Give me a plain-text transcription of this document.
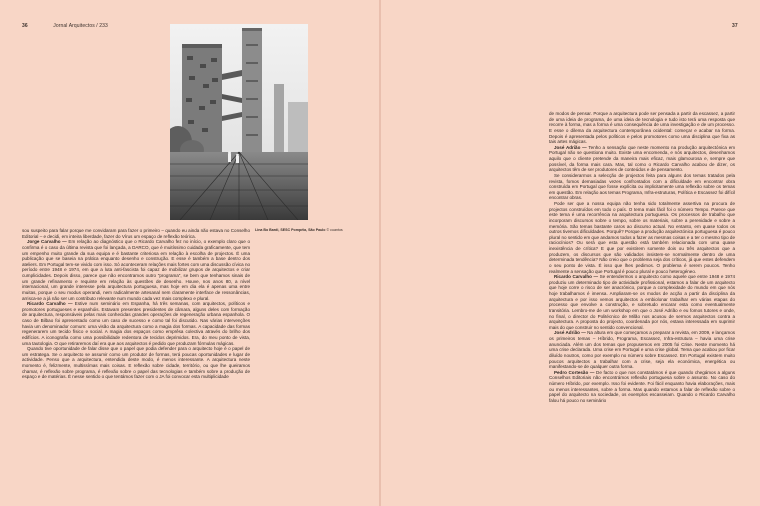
36	Jornal Arquitectos / 233
Lina Bo Bardi, SESC Pompéia, São Paulo © cuantos

sou suspeito para falar porque me convidaram para fazer o primeiro – quando eu ainda não estava no Conselho Editorial – e decidi, em inteira liberdade, fazer do Vírus um espaço de reflexão teórica.

Jorge Carvalho — Em relação ao diagnóstico que o Ricardo Carvalho fez no início, o exemplo claro que o confirma é o caso da última revista que foi lançada, a DARCO, que é muitíssimo cuidada graficamente, que tem um empenho muito grande da sua equipa e é bastante criteriosa em relação à escolha de projectos. É uma publicação que se baseia na prática enquanto desenho e construção. E esse é também a base dentro dos ateliers. Em Portugal tem-se vivido com isso. Só aconteceram relações mais fortes com uma discussão cívica no período entre 1948 e 1974, em que a luta anti-fascista foi capaz de mobilizar grupos de arquitectos e criar cumplicidades. Depois disso, parece que não encontramos outro "programa", se bem que tenhamos sinais de um grande refinamento e requinte em relação às questões de desenho. Houve, nos anos 80, a nível internacional, um grande interesse pela arquitectura portuguesa, mas hoje em dia ela é apenas uma entre muitas, porque o seu modus operandi, nem radicalmente artesanal nem claramente interface de ressonâncias, arrisca-se a já não ser um contributo relevante num mundo cada vez mais complexo e plural.

Ricardo Carvalho — Estive num seminário em Espanha, há três semanas, com arquitectos, políticos e promotores portugueses e espanhóis. Estavam presentes presidentes de câmara, alguns deles com formação de arquitectura, responsáveis pelas mais conhecidas grandes operações de regeneração urbana espanhola. O caso de Bilbao foi apresentado como um caso de sucesso e como tal foi discutido. Nas várias intervenções havia um denominador comum: uma visão da arquitectura como a magia dos formas. A capacidade das formas regenerarem um tecido físico e social. A magia dos espaços como emprêsa colectiva através do brilho dos edifícios. A iconografia como uma possibilidade redentora de tecidos deprimidos. Era, do meu ponto de vista, uma tautologia. O que retiraremos daí era que aos arquitectos é pedido que produzam fórmulas mágicas.

Quando tive oportunidade de falar disse que o papel que podia defender para o arquitecto hoje é o papel de um estratega. Se o arquitecto se assumir como um produtor de formas, terá poucas oportunidades e lugar de actividade. Penso que a arquitectura, entendida deste modo, é menos interessante. A arquitectura neste momento é, felizmente, multissímas mais coisas. E reflexão sobre cidade, território, ou que lhe queiramos chamar, é reflexão sobre programa, é reflexão sobre o papel das tecnologias e também sobre a produção de espaço e de matérias. É nesse sentido o que tentámos fazer com o JA foi convocar esta multiplicidade

37

de modos de pensar. Porque a arquitectura pode ser pensada a partir da escassez, a partir de uma ideia de programa, de uma ideia de tecnologia e tudo isto terá uma resposta que recorre à forma, mas a forma é uma consequência de uma investigação e de um processo. E esse o dilema da arquitectura contemporânea ocidental: começar e acabar na forma. Depois é apresentada pelos políticos e pelos promotores como uma disciplina que fixa as tais artes mágicas.

José Adrião — Tenho a sensação que neste momento na produção arquitectónica em Portugal não se questiona muito. Existe uma encomenda, e nós arquitectos, desenhamos aquilo que o cliente pretende da maneira mais eficaz, mais glamourosa e, sempre que possível, da forma mais cara. Mas, tal como o Ricardo Carvalho acabou de dizer, os arquitectos têm de ser produtores de conteúdos e de pensamento.

Se considerarmos a selecção de projectos feita para alguns dos temas tratados pela revista, fomos demasiadas vezes confrontados com a dificuldade em encontrar obra construída em Portugal que fosse explícita ou implicitamente uma reflexão sobre os temas em questão. Em relação aos temas Programa, Infra-estruturas, Política e Escassez foi difícil encontrar obras.

Pode ser que a nossa equipa não tenha sido totalmente assertiva na procura de projectos construídos em todo o país. O tema mais fácil foi o número Tempo. Parece que este tema é uma recorrência na arquitectura portuguesa. Os processos de trabalho que incorporam discursos sobre o tempo, sobre os materiais, sobre a perenidade e sobre a memória. São temas bastante caros ao discurso actual. No entanto, em quase todos os outros tivemos dificuldades. Porquê? Porque a produção arquitectónica portuguesa é pouco plural no sentido em que andamos todos a fazer as mesmas coisas e a ter o mesmo tipo de raciocínios? Ou será que esta questão está também relacionada com uma quase inexistência de crítica? E que por existirem somente dois ou três arquitectos que a produzem, os discursos que são validados insistem-se normalmente dentro de uma determinada tendência? Não creio que o problema seja dos críticos, já que estes defendem o seu ponto de vista. É isso que lhes pedimos. O problema é serem poucos. Tenho realmente a sensação que Portugal é pouco plural e pouco heterogéneo.

Ricardo Carvalho — Se entendermos o arquitecto como aquele que entre 1948 e 1974 produziu um determinado tipo de actividade profissional, estamos a falar de um arquitecto que hoje corre o risco de ser anacrónico, porque a complexidade do mundo em que nós hoje trabalhamos é imensa. Ampliaram-se os modos de acção a partir da disciplina da arquitectura e por isso vemos arquitectos a embiolonar trabalhar em várias etapas do processo que envolve a construção, e sobretudo encarar esta como eventualmente transitória. Lembro-me de um workshop em que o José Adrião e eu fomos tutores e onde, no final, o director do Politécnico de Milão nos acusou de sermos arquitectos contra a arquitectura. A proposta do projecto, coordenada por nós, estava interessada em suprimir mais do que construir no sentido convencional.

José Adrião — Na altura em que começamos a preparar a revista, em 2009, e lançamos os primeiros temas – Híbrido, Programa, Escassez, Infra-estrutura – havia uma crise anunciada. Além um dos temas que propusemos em 2005 foi Crise. Neste momento há uma crise declarada. Uma crise em Portugal e uma crise global. Tema que acabou por ficar diluído noutros, como por exemplo no número sobre Escassez. Em Portugal existem muito poucos arquitectos a trabalhar com a crise, seja ela económica, energética ou manifestando-se de qualquer outra forma.

Pedro Cortesão — De facto o que nos constatámos é que quando chegámos a alguns Conselhos Editoriais não encontrámos reflexão portuguesa sobre o assunto. No caso do número Híbrido, por exemplo. Isso foi evidente. Foi fácil enquanto havia elaborações, mais ou menos interessantes, sobre a forma. Mas quando estamos a falar de reflexão sobre o papel do arquitecto na sociedade, os exemplos escasseiam. Quando o Ricardo Carvalho falou há pouco no seminário
